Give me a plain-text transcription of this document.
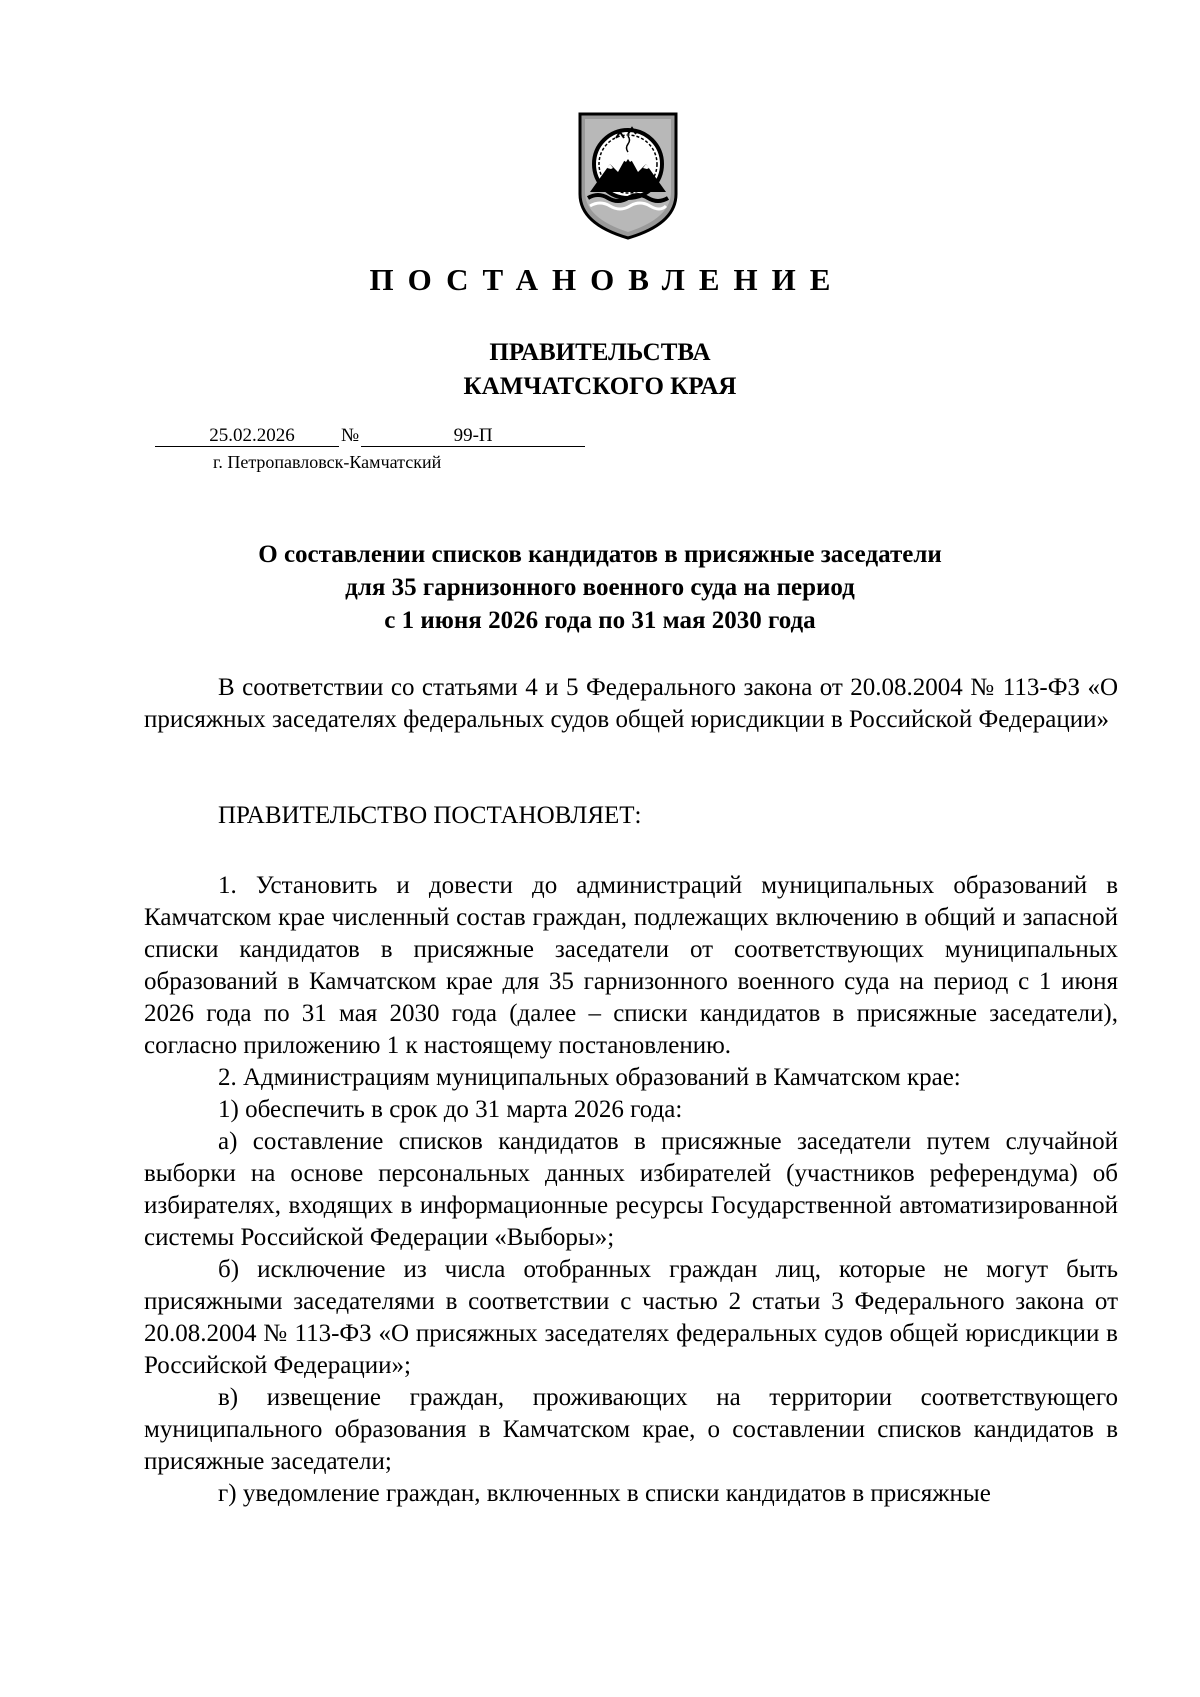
ПОСТАНОВЛЕНИЕ
ПРАВИТЕЛЬСТВА
КАМЧАТСКОГО КРАЯ
25.02.2026 №	99-П
г. Петропавловск-Камчатский
О составлении списков кандидатов в присяжные заседатели
для 35 гарнизонного военного суда на период
с 1 июня 2026 года по 31 мая 2030 года

В соответствии со статьями 4 и 5 Федерального закона от 20.08.2004 № 113-ФЗ «О присяжных заседателях федеральных судов общей юрисдикции в Российской Федерации»

ПРАВИТЕЛЬСТВО ПОСТАНОВЛЯЕТ:

1. Установить и довести до администраций муниципальных образований в Камчатском крае численный состав граждан, подлежащих включению в общий и запасной списки кандидатов в присяжные заседатели от соответствующих муниципальных образований в Камчатском крае для 35 гарнизонного военного суда на период с 1 июня 2026 года по 31 мая 2030 года (далее – списки кандидатов в присяжные заседатели), согласно приложению 1 к настоящему постановлению.

2. Администрациям муниципальных образований в Камчатском крае:

1) обеспечить в срок до 31 марта 2026 года:

а) составление списков кандидатов в присяжные заседатели путем случайной выборки на основе персональных данных избирателей (участников референдума) об избирателях, входящих в информационные ресурсы Государственной автоматизированной системы Российской Федерации «Выборы»;

б) исключение из числа отобранных граждан лиц, которые не могут быть присяжными заседателями в соответствии с частью 2 статьи 3 Федерального закона от 20.08.2004 № 113-ФЗ «О присяжных заседателях федеральных судов общей юрисдикции в Российской Федерации»;

в) извещение граждан, проживающих на территории соответствующего муниципального образования в Камчатском крае, о составлении списков кандидатов в присяжные заседатели;

г) уведомление граждан, включенных в списки кандидатов в присяжные
